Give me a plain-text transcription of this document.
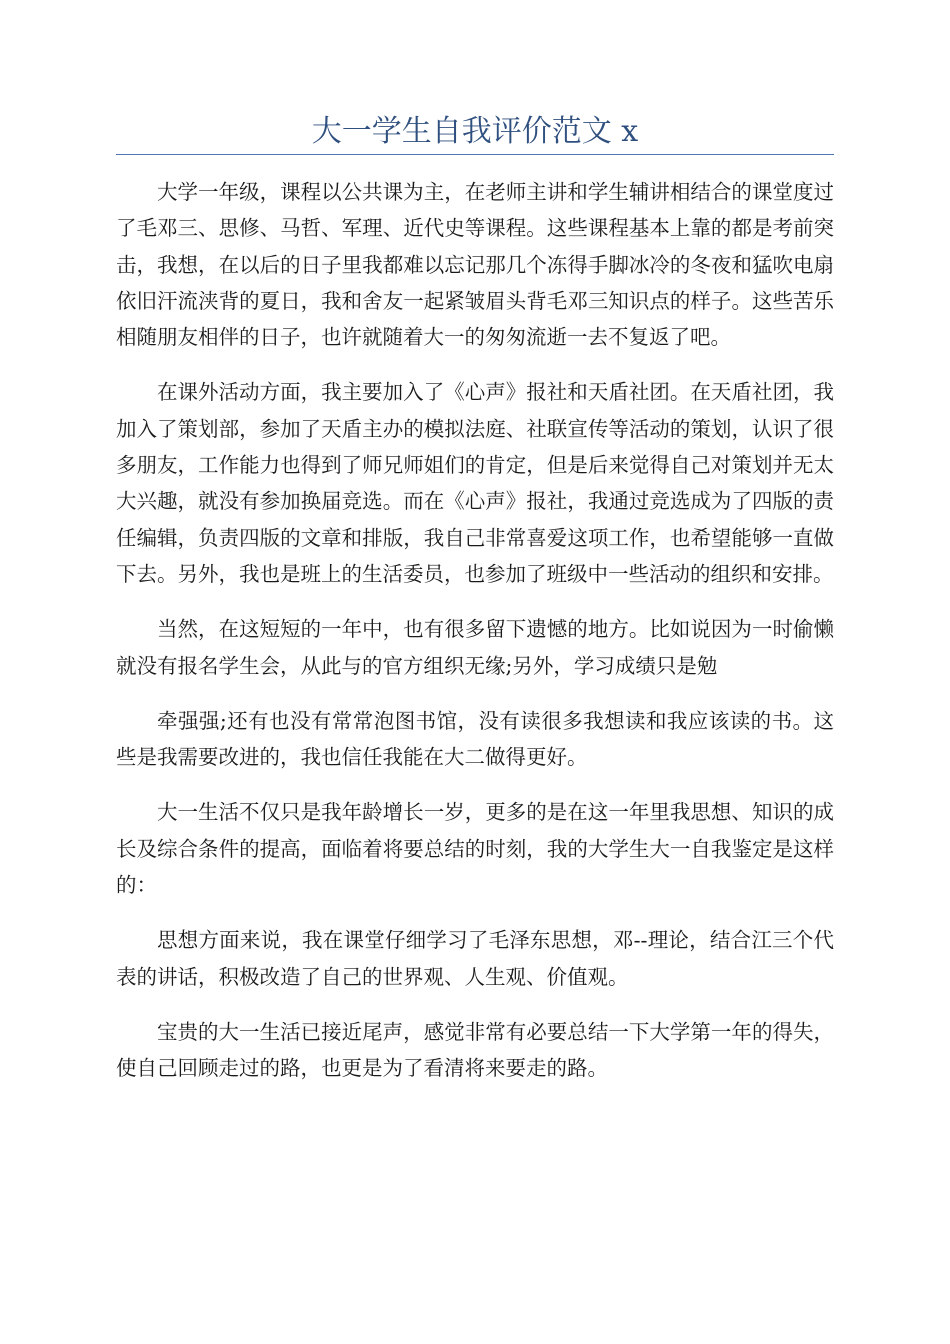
大一学生自我评价范文 x

大学一年级，课程以公共课为主，在老师主讲和学生辅讲相结合的课堂度过了毛邓三、思修、马哲、军理、近代史等课程。这些课程基本上靠的都是考前突击，我想，在以后的日子里我都难以忘记那几个冻得手脚冰冷的冬夜和猛吹电扇依旧汗流浃背的夏日，我和舍友一起紧皱眉头背毛邓三知识点的样子。这些苦乐相随朋友相伴的日子，也许就随着大一的匆匆流逝一去不复返了吧。

在课外活动方面，我主要加入了《心声》报社和天盾社团。在天盾社团，我加入了策划部，参加了天盾主办的模拟法庭、社联宣传等活动的策划，认识了很多朋友，工作能力也得到了师兄师姐们的肯定，但是后来觉得自己对策划并无太大兴趣，就没有参加换届竞选。而在《心声》报社，我通过竞选成为了四版的责任编辑，负责四版的文章和排版，我自己非常喜爱这项工作，也希望能够一直做下去。另外，我也是班上的生活委员，也参加了班级中一些活动的组织和安排。

当然，在这短短的一年中，也有很多留下遗憾的地方。比如说因为一时偷懒就没有报名学生会，从此与的官方组织无缘;另外，学习成绩只是勉

牵强强;还有也没有常常泡图书馆，没有读很多我想读和我应该读的书。这些是我需要改进的，我也信任我能在大二做得更好。

大一生活不仅只是我年龄增长一岁，更多的是在这一年里我思想、知识的成长及综合条件的提高，面临着将要总结的时刻，我的大学生大一自我鉴定是这样的：

思想方面来说，我在课堂仔细学习了毛泽东思想，邓--理论，结合江三个代表的讲话，积极改造了自己的世界观、人生观、价值观。

宝贵的大一生活已接近尾声，感觉非常有必要总结一下大学第一年的得失，使自己回顾走过的路，也更是为了看清将来要走的路。
